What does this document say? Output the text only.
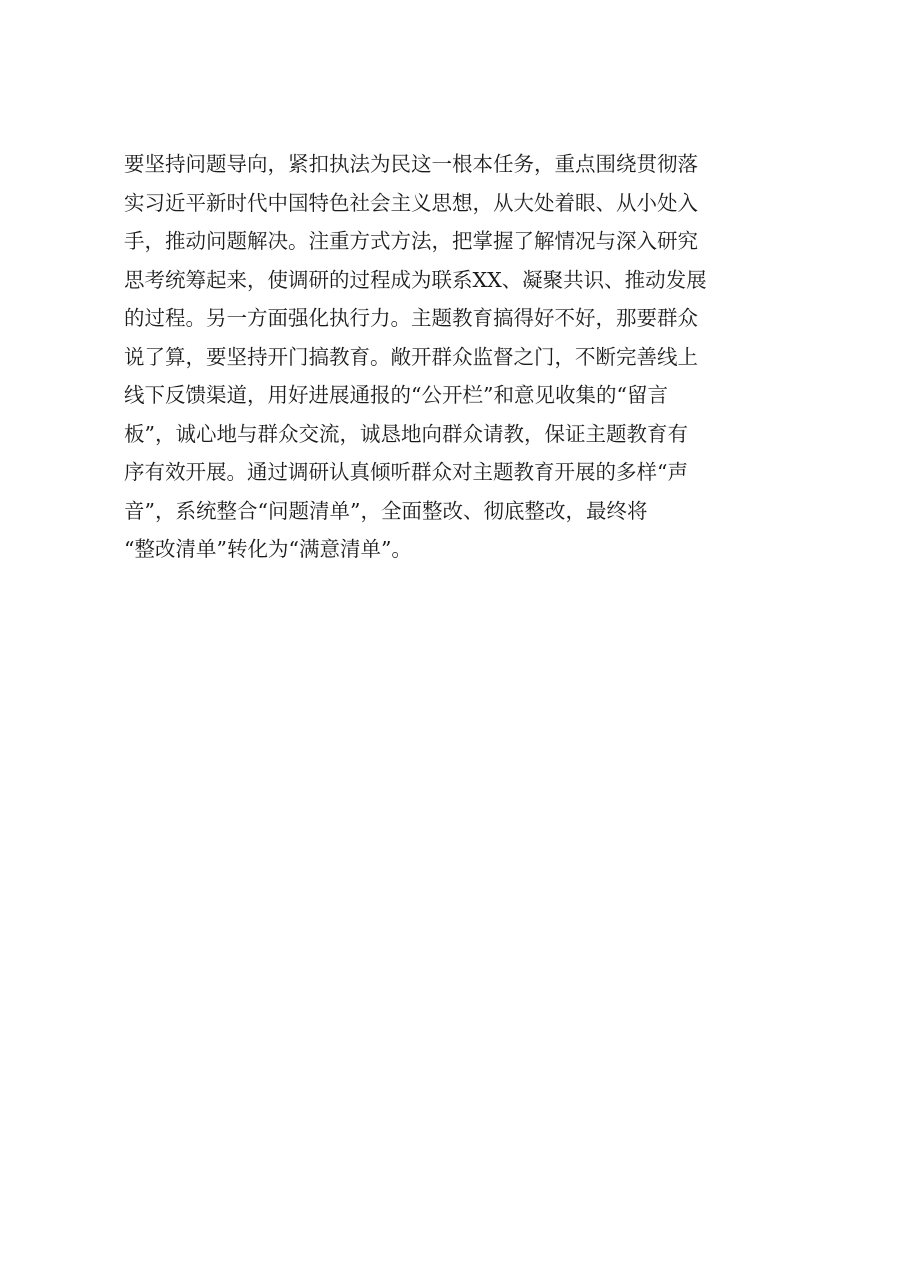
要坚持问题导向，紧扣执法为民这一根本任务，重点围绕贯彻落
实习近平新时代中国特色社会主义思想，从大处着眼、从小处入
手，推动问题解决。注重方式方法，把掌握了解情况与深入研究
思考统筹起来，使调研的过程成为联系XX、凝聚共识、推动发展
的过程。另一方面强化执行力。主题教育搞得好不好，那要群众
说了算，要坚持开门搞教育。敞开群众监督之门，不断完善线上
线下反馈渠道，用好进展通报的“公开栏”和意见收集的“留言
板”，诚心地与群众交流，诚恳地向群众请教，保证主题教育有
序有效开展。通过调研认真倾听群众对主题教育开展的多样“声
音”，系统整合“问题清单”，全面整改、彻底整改，最终将
“整改清单”转化为“满意清单”。
